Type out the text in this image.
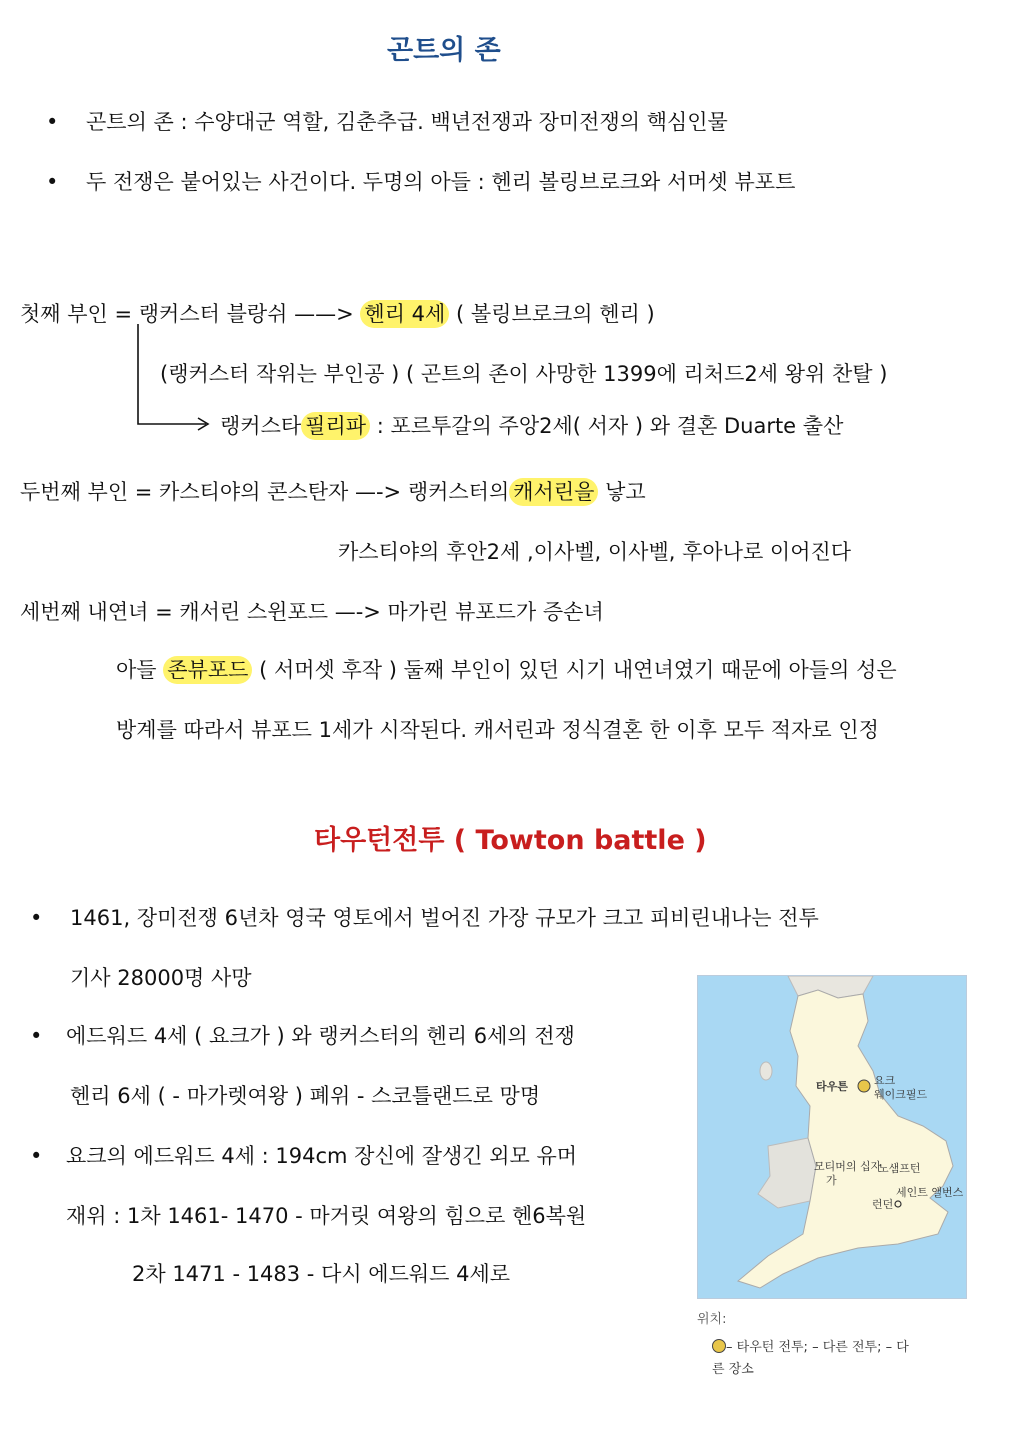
곤트의 존
• 곤트의 존 : 수양대군 역할, 김춘추급. 백년전쟁과 장미전쟁의 핵심인물
• 두 전쟁은 붙어있는 사건이다. 두명의 아들 : 헨리 볼링브로크와 서머셋 뷰포트
첫째 부인 = 랭커스터 블랑쉬 ——> 헨리 4세 ( 볼링브로크의 헨리 )
(랭커스터 작위는 부인공 ) ( 곤트의 존이 사망한 1399에 리처드2세 왕위 찬탈 )
랭커스타 필리파 : 포르투갈의 주앙2세( 서자 ) 와 결혼 Duarte 출산
두번째 부인 = 카스티야의 콘스탄자 —-> 랭커스터의 캐서린을 낳고
카스티야의 후안2세 ,이사벨, 이사벨, 후아나로 이어진다
세번째 내연녀 = 캐서린 스윈포드 —-> 마가린 뷰포드가 증손녀
아들 존뷰포드 ( 서머셋 후작 ) 둘째 부인이 있던 시기 내연녀였기 때문에 아들의 성은
방계를 따라서 뷰포드 1세가 시작된다. 캐서린과 정식결혼 한 이후 모두 적자로 인정
타우턴전투 ( Towton battle )
• 1461, 장미전쟁 6년차 영국 영토에서 벌어진 가장 규모가 크고 피비린내나는 전투
기사 28000명 사망
• 에드워드 4세 ( 요크가 ) 와 랭커스터의 헨리 6세의 전쟁
헨리 6세 ( - 마가렛여왕 ) 폐위 - 스코틀랜드로 망명
• 요크의 에드워드 4세 : 194cm 장신에 잘생긴 외모 유머
재위 : 1차 1461- 1470 - 마거릿 여왕의 힘으로 헨6복원
2차 1471 - 1483 - 다시 에드워드 4세로
타우튼 요크
웨이크필드
모티머의 십자
가
노샘프턴
세인트 앨번스
런던
위치:
– 타우턴 전투; – 다른 전투; – 다
른 장소
